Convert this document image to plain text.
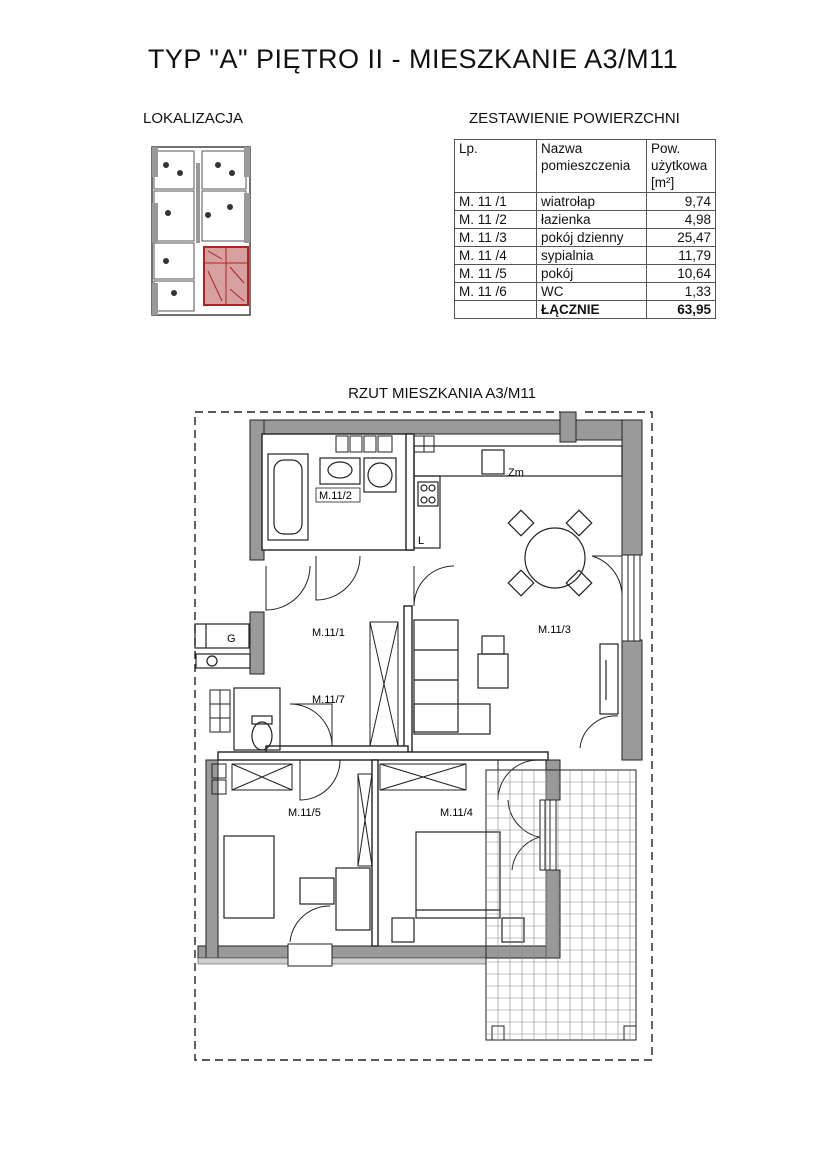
TYP "A" PIĘTRO II - MIESZKANIE A3/M11
LOKALIZACJA	ZESTAWIENIE POWIERZCHNI
Lp.	Nazwa pomieszczenia	Pow. użytkowa [m²]
M. 11 /1	wiatrołap	9,74
M. 11 /2	łazienka	4,98
M. 11 /3	pokój dzienny	25,47
M. 11 /4	sypialnia	11,79
M. 11 /5	pokój	10,64
M. 11 /6	WC	1,33
	ŁĄCZNIE	63,95
RZUT MIESZKANIA A3/M11
G
L
Zm
M.11/2
M.11/1
M.11/7
M.11/3
M.11/5	M.11/4
